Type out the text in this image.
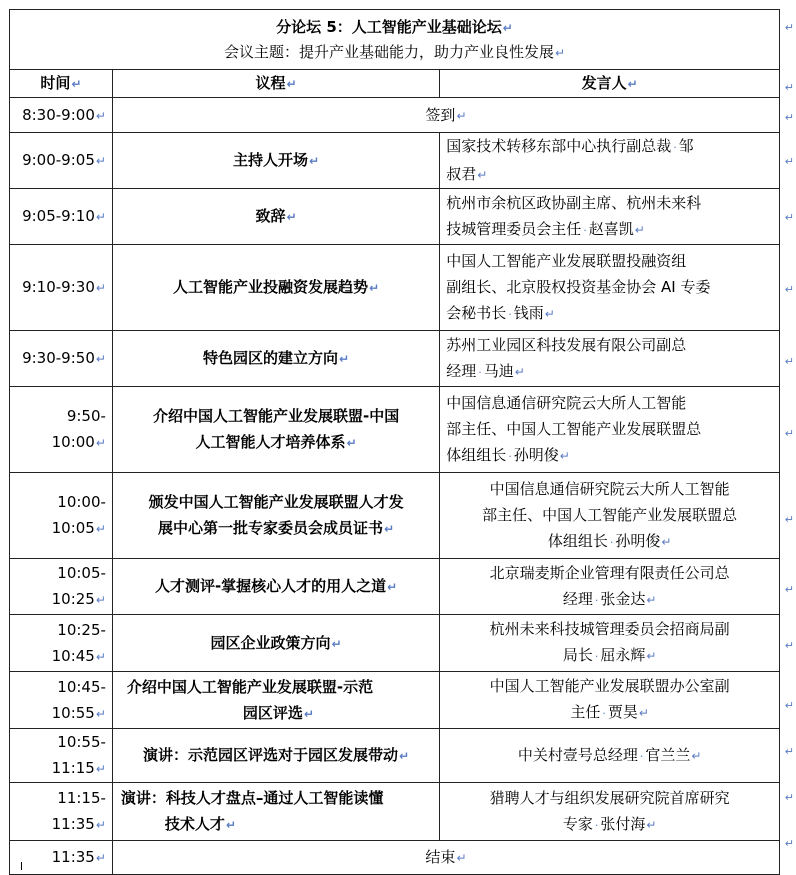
分论坛 5：人工智能产业基础论坛↵
会议主题：提升产业基础能力，助力产业良性发展↵		

时间↵	议程↵	发言人↵
8:30-9:00↵	签到↵	
9:00-9:05↵	主持人开场↵	国家技术转移东部中心执行副总裁 · 邹
叔君↵
9:05-9:10↵	致辞↵	杭州市余杭区政协副主席、杭州未来科
技城管理委员会主任 · 赵喜凯↵
9:10-9:30↵	人工智能产业投融资发展趋势↵	中国人工智能产业发展联盟投融资组
副组长、北京股权投资基金协会 AI 专委
会秘书长 · 钱雨↵
9:30-9:50↵	特色园区的建立方向↵	苏州工业园区科技发展有限公司副总
经理 · 马迪↵
9:50-10:00↵	介绍中国人工智能产业发展联盟-中国
人工智能人才培养体系↵	中国信息通信研究院云大所人工智能
部主任、中国人工智能产业发展联盟总
体组组长 · 孙明俊↵
10:00-10:05↵	颁发中国人工智能产业发展联盟人才发
展中心第一批专家委员会成员证书↵	中国信息通信研究院云大所人工智能
部主任、中国人工智能产业发展联盟总
体组组长 · 孙明俊↵
10:05-10:25↵	人才测评-掌握核心人才的用人之道↵	北京瑞麦斯企业管理有限责任公司总
经理 · 张金达↵
10:25-10:45↵	园区企业政策方向↵	杭州未来科技城管理委员会招商局副
局长 · 屈永辉↵
10:45-10:55↵	介绍中国人工智能产业发展联盟-示范
园区评选↵	中国人工智能产业发展联盟办公室副
主任 · 贾昊↵
10:55-11:15↵	演讲：示范园区评选对于园区发展带动↵	中关村壹号总经理 · 官兰兰↵
11:15-11:35↵	演讲：科技人才盘点–通过人工智能读懂
技术人才↵	猎聘人才与组织发展研究院首席研究
专家 · 张付海↵
11:35↵	结束↵	
↵
↵
↵
↵
↵
↵
↵
↵
↵
↵
↵
↵
↵
↵
↵
